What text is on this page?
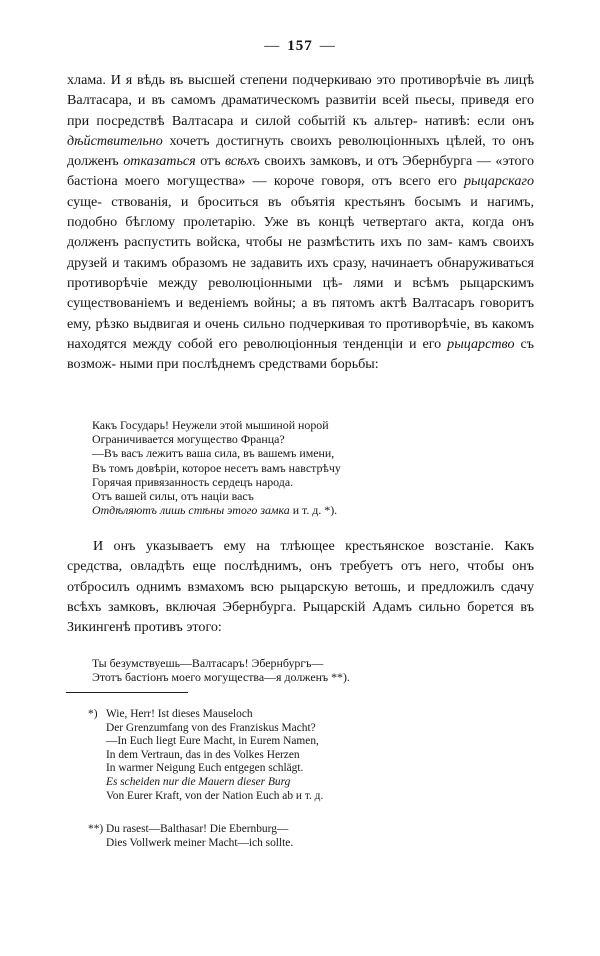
— 157 —

хлама. И я вѣдь въ высшей степени подчеркиваю это противорѣчіе въ лицѣ Валтасара, и въ самомъ драматическомъ развитіи всей пьесы, приведя его при посредствѣ Валтасара и силой событій къ альтер- нативѣ: если онъ дѣйствительно хочетъ достигнуть своихъ революціонныхъ цѣлей, то онъ долженъ отказаться отъ всѣхъ своихъ замковъ, и отъ Эбернбурга — «этого бастіона моего могущества» — короче говоря, отъ всего его рыцарскаго суще- ствованія, и броситься въ объятія крестьянъ босымъ и нагимъ, подобно бѣглому пролетарію. Уже въ концѣ четвертаго акта, когда онъ долженъ распустить войска, чтобы не размѣстить ихъ по зам- камъ своихъ друзей и такимъ образомъ не задавить ихъ сразу, начинаетъ обнаруживаться противорѣчіе между революціонными цѣ- лями и всѣмъ рыцарскимъ существованіемъ и веденіемъ войны; а въ пятомъ актѣ Валтасаръ говоритъ ему, рѣзко выдвигая и очень сильно подчеркивая то противорѣчіе, въ какомъ находятся между собой его революціонныя тенденціи и его рыцарство съ возмож- ными при послѣднемъ средствами борьбы:

Какъ Государь! Неужели этой мышиной норой
Ограничивается могущество Франца?
—Въ васъ лежитъ ваша сила, въ вашемъ имени,
Въ томъ довѣріи, которое несетъ вамъ навстрѣчу
Горячая привязанность сердецъ народа.
Отъ вашей силы, отъ націи васъ
Отдѣляютъ лишь стѣны этого замка и т. д. *).

И онъ указываетъ ему на тлѣющее крестьянское возстаніе. Какъ средства, овладѣть еще послѣднимъ, онъ требуетъ отъ него, чтобы онъ отбросилъ однимъ взмахомъ всю рыцарскую ветошь, и предложилъ сдачу всѣхъ замковъ, включая Эбернбурга. Рыцарскій Адамъ сильно борется въ Зикингенѣ противъ этого:

Ты безумствуешь—Валтасаръ! Эбернбургъ—
Этотъ бастіонъ моего могущества—я долженъ **).
*) Wie, Herr! Ist dieses Mauseloch
Der Grenzumfang von des Franziskus Macht?
—In Euch liegt Eure Macht, in Eurem Namen,
In dem Vertraun, das in des Volkes Herzen
In warmer Neigung Euch entgegen schlägt.
Es scheiden nur die Mauern dieser Burg
Von Eurer Kraft, von der Nation Euch ab и т. д.
**) Du rasest—Balthasar! Die Ebernburg—
Dies Vollwerk meiner Macht—ich sollte.
